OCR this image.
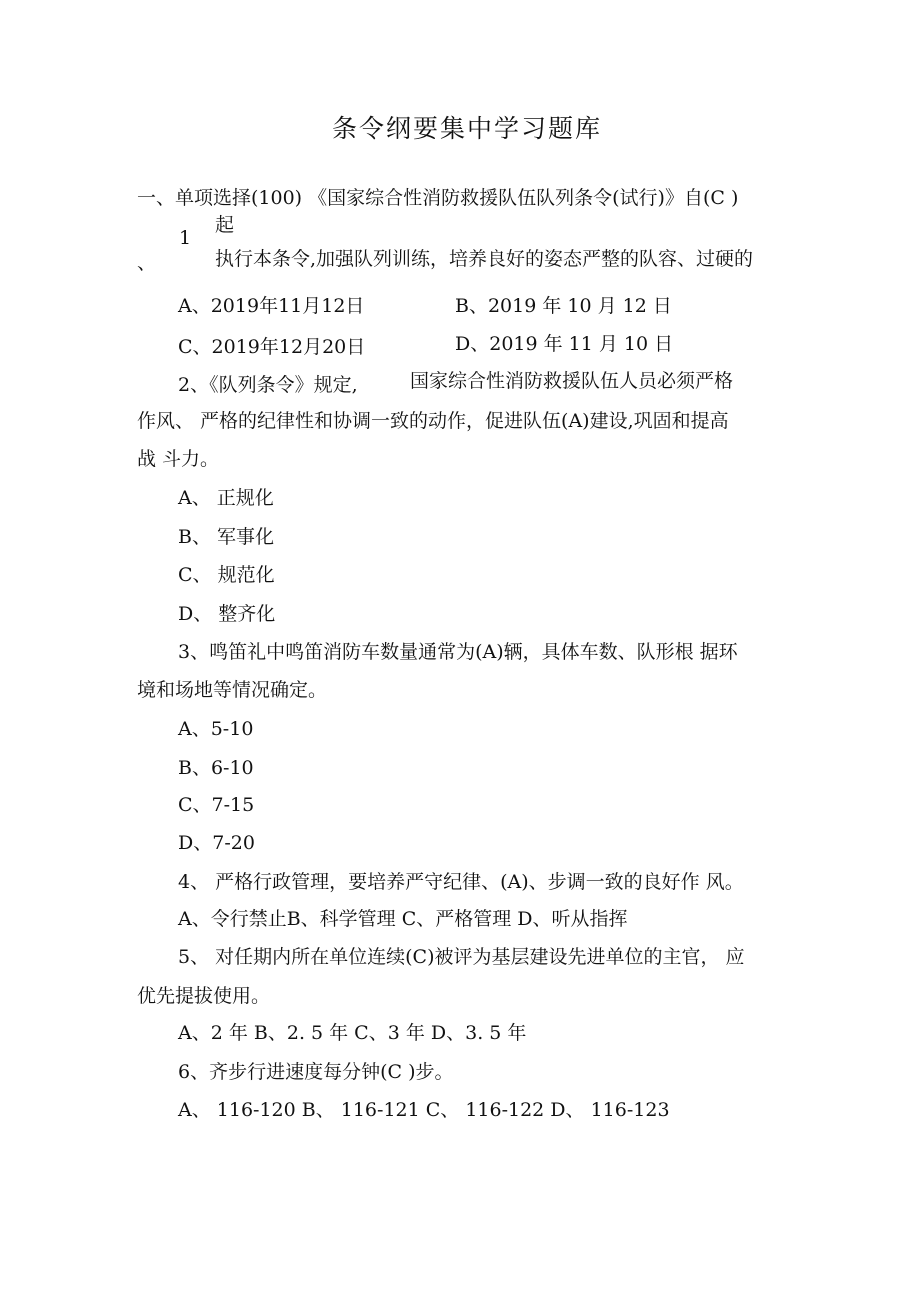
条令纲要集中学习题库
一、单项选择(100) 《国家综合性消防救援队伍队列条令(试行)》自(C )
起
1
、	执行本条令,加强队列训练，培养良好的姿态严整的队容、过硬的
A、2019年11月12日	B、2019 年 10 月 12 日
C、2019年12月20日	D、2019 年 11 月 10 日
2、《队列条令》规定,	国家综合性消防救援队伍人员必须严格
作风、 严格的纪律性和协调一致的动作，促进队伍(A)建设,巩固和提高
战 斗力。
A、 正规化
B、 军事化
C、 规范化
D、 整齐化
3、鸣笛礼中鸣笛消防车数量通常为(A)辆，具体车数、队形根 据环
境和场地等情况确定。
A、5-10
B、6-10
C、7-15
D、7-20
4、 严格行政管理，要培养严守纪律、(A)、步调一致的良好作 风。
A、令行禁止B、科学管理 C、严格管理 D、听从指挥
5、 对任期内所在单位连续(C)被评为基层建设先进单位的主官， 应
优先提拔使用。
A、2 年 B、2. 5 年 C、3 年 D、3. 5 年
6、齐步行进速度每分钟(C )步。
A、 116-120 B、 116-121 C、 116-122 D、 116-123
